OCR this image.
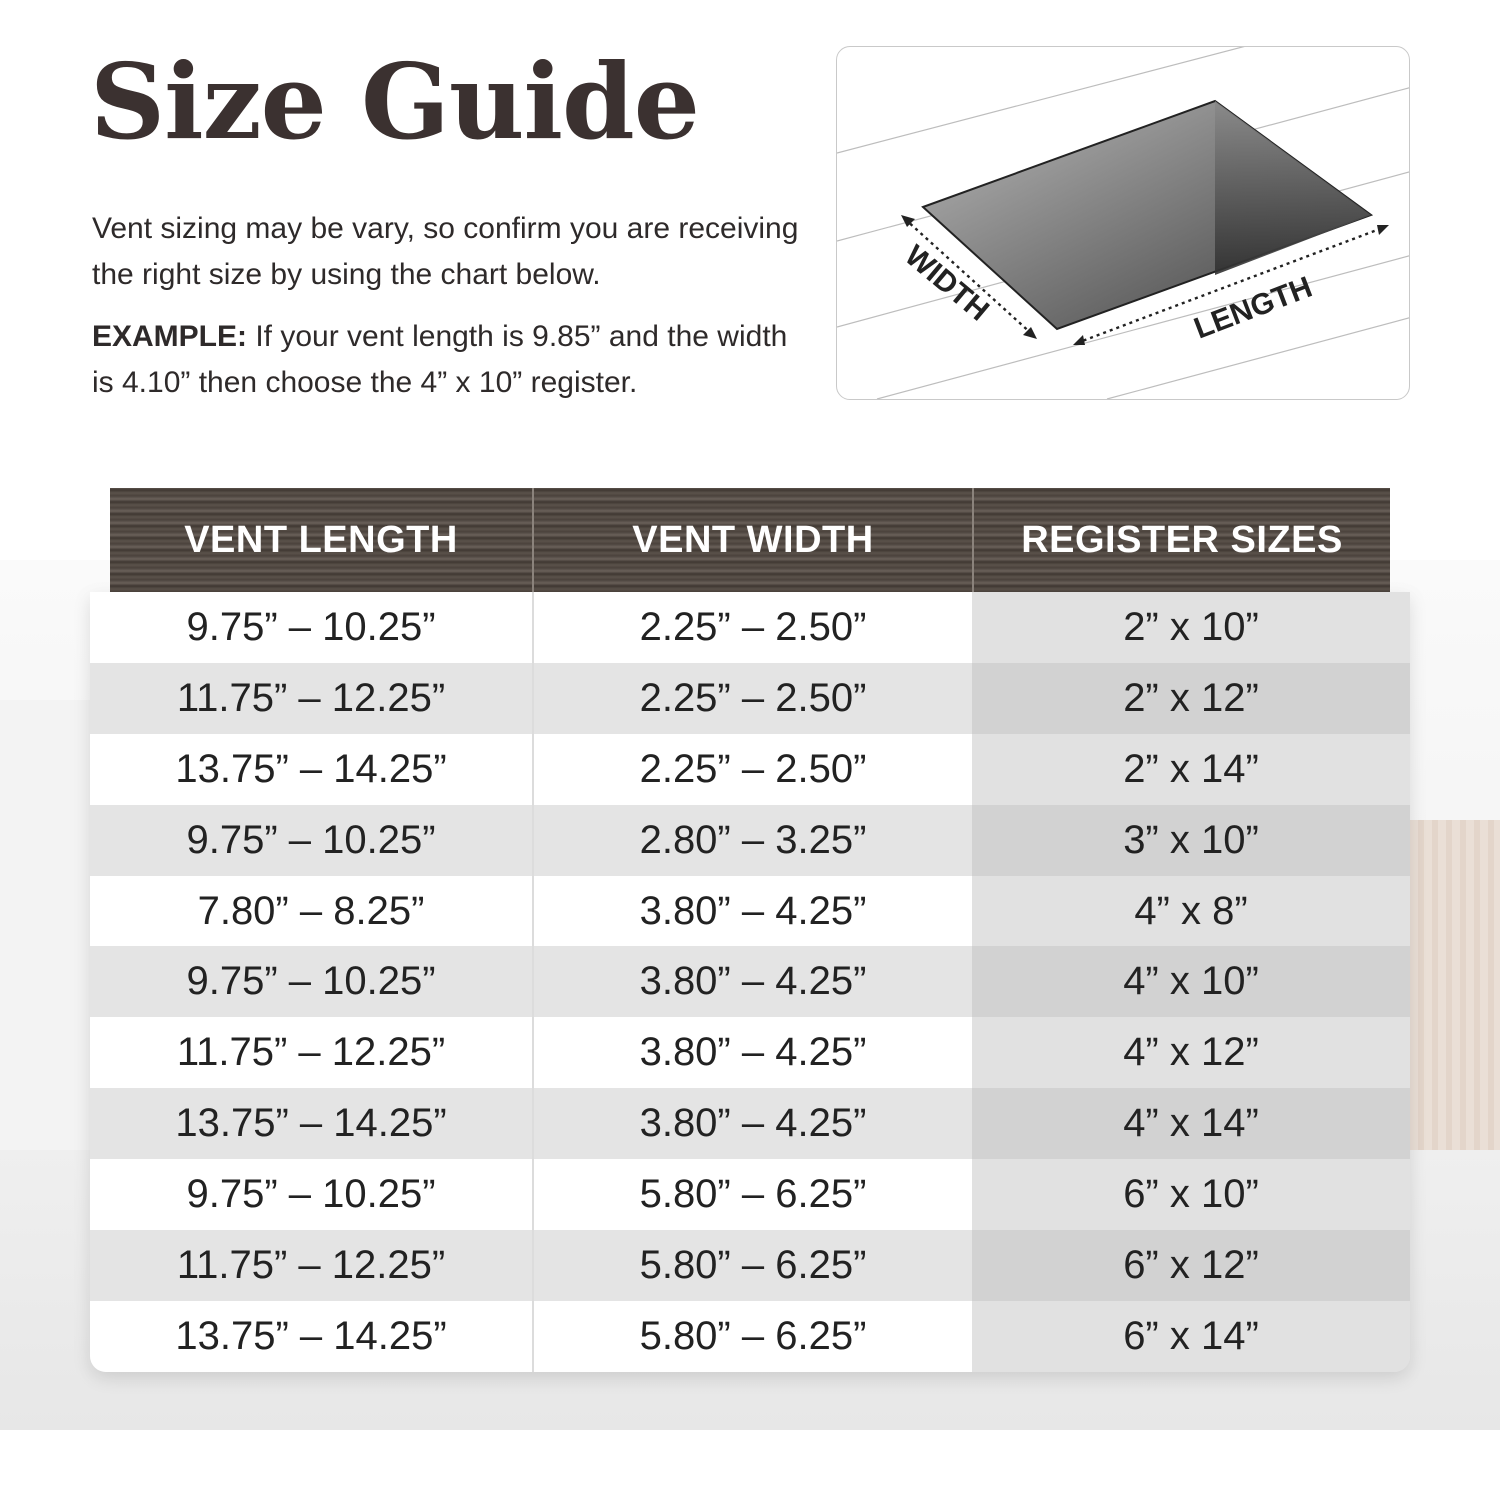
Size Guide

Vent sizing may be vary, so confirm you are receiving the right size by using the chart below.

EXAMPLE: If your vent length is 9.85” and the width is 4.10” then choose the 4” x 10” register.

WIDTH	LENGTH
VENT LENGTH	VENT WIDTH	REGISTER SIZES
9.75” – 10.25”	2.25” – 2.50”	2” x 10”
11.75” – 12.25”	2.25” – 2.50”	2” x 12”
13.75” – 14.25”	2.25” – 2.50”	2” x 14”
9.75” – 10.25”	2.80” – 3.25”	3” x 10”
7.80” – 8.25”	3.80” – 4.25”	4” x 8”
9.75” – 10.25”	3.80” – 4.25”	4” x 10”
11.75” – 12.25”	3.80” – 4.25”	4” x 12”
13.75” – 14.25”	3.80” – 4.25”	4” x 14”
9.75” – 10.25”	5.80” – 6.25”	6” x 10”
11.75” – 12.25”	5.80” – 6.25”	6” x 12”
13.75” – 14.25”	5.80” – 6.25”	6” x 14”
